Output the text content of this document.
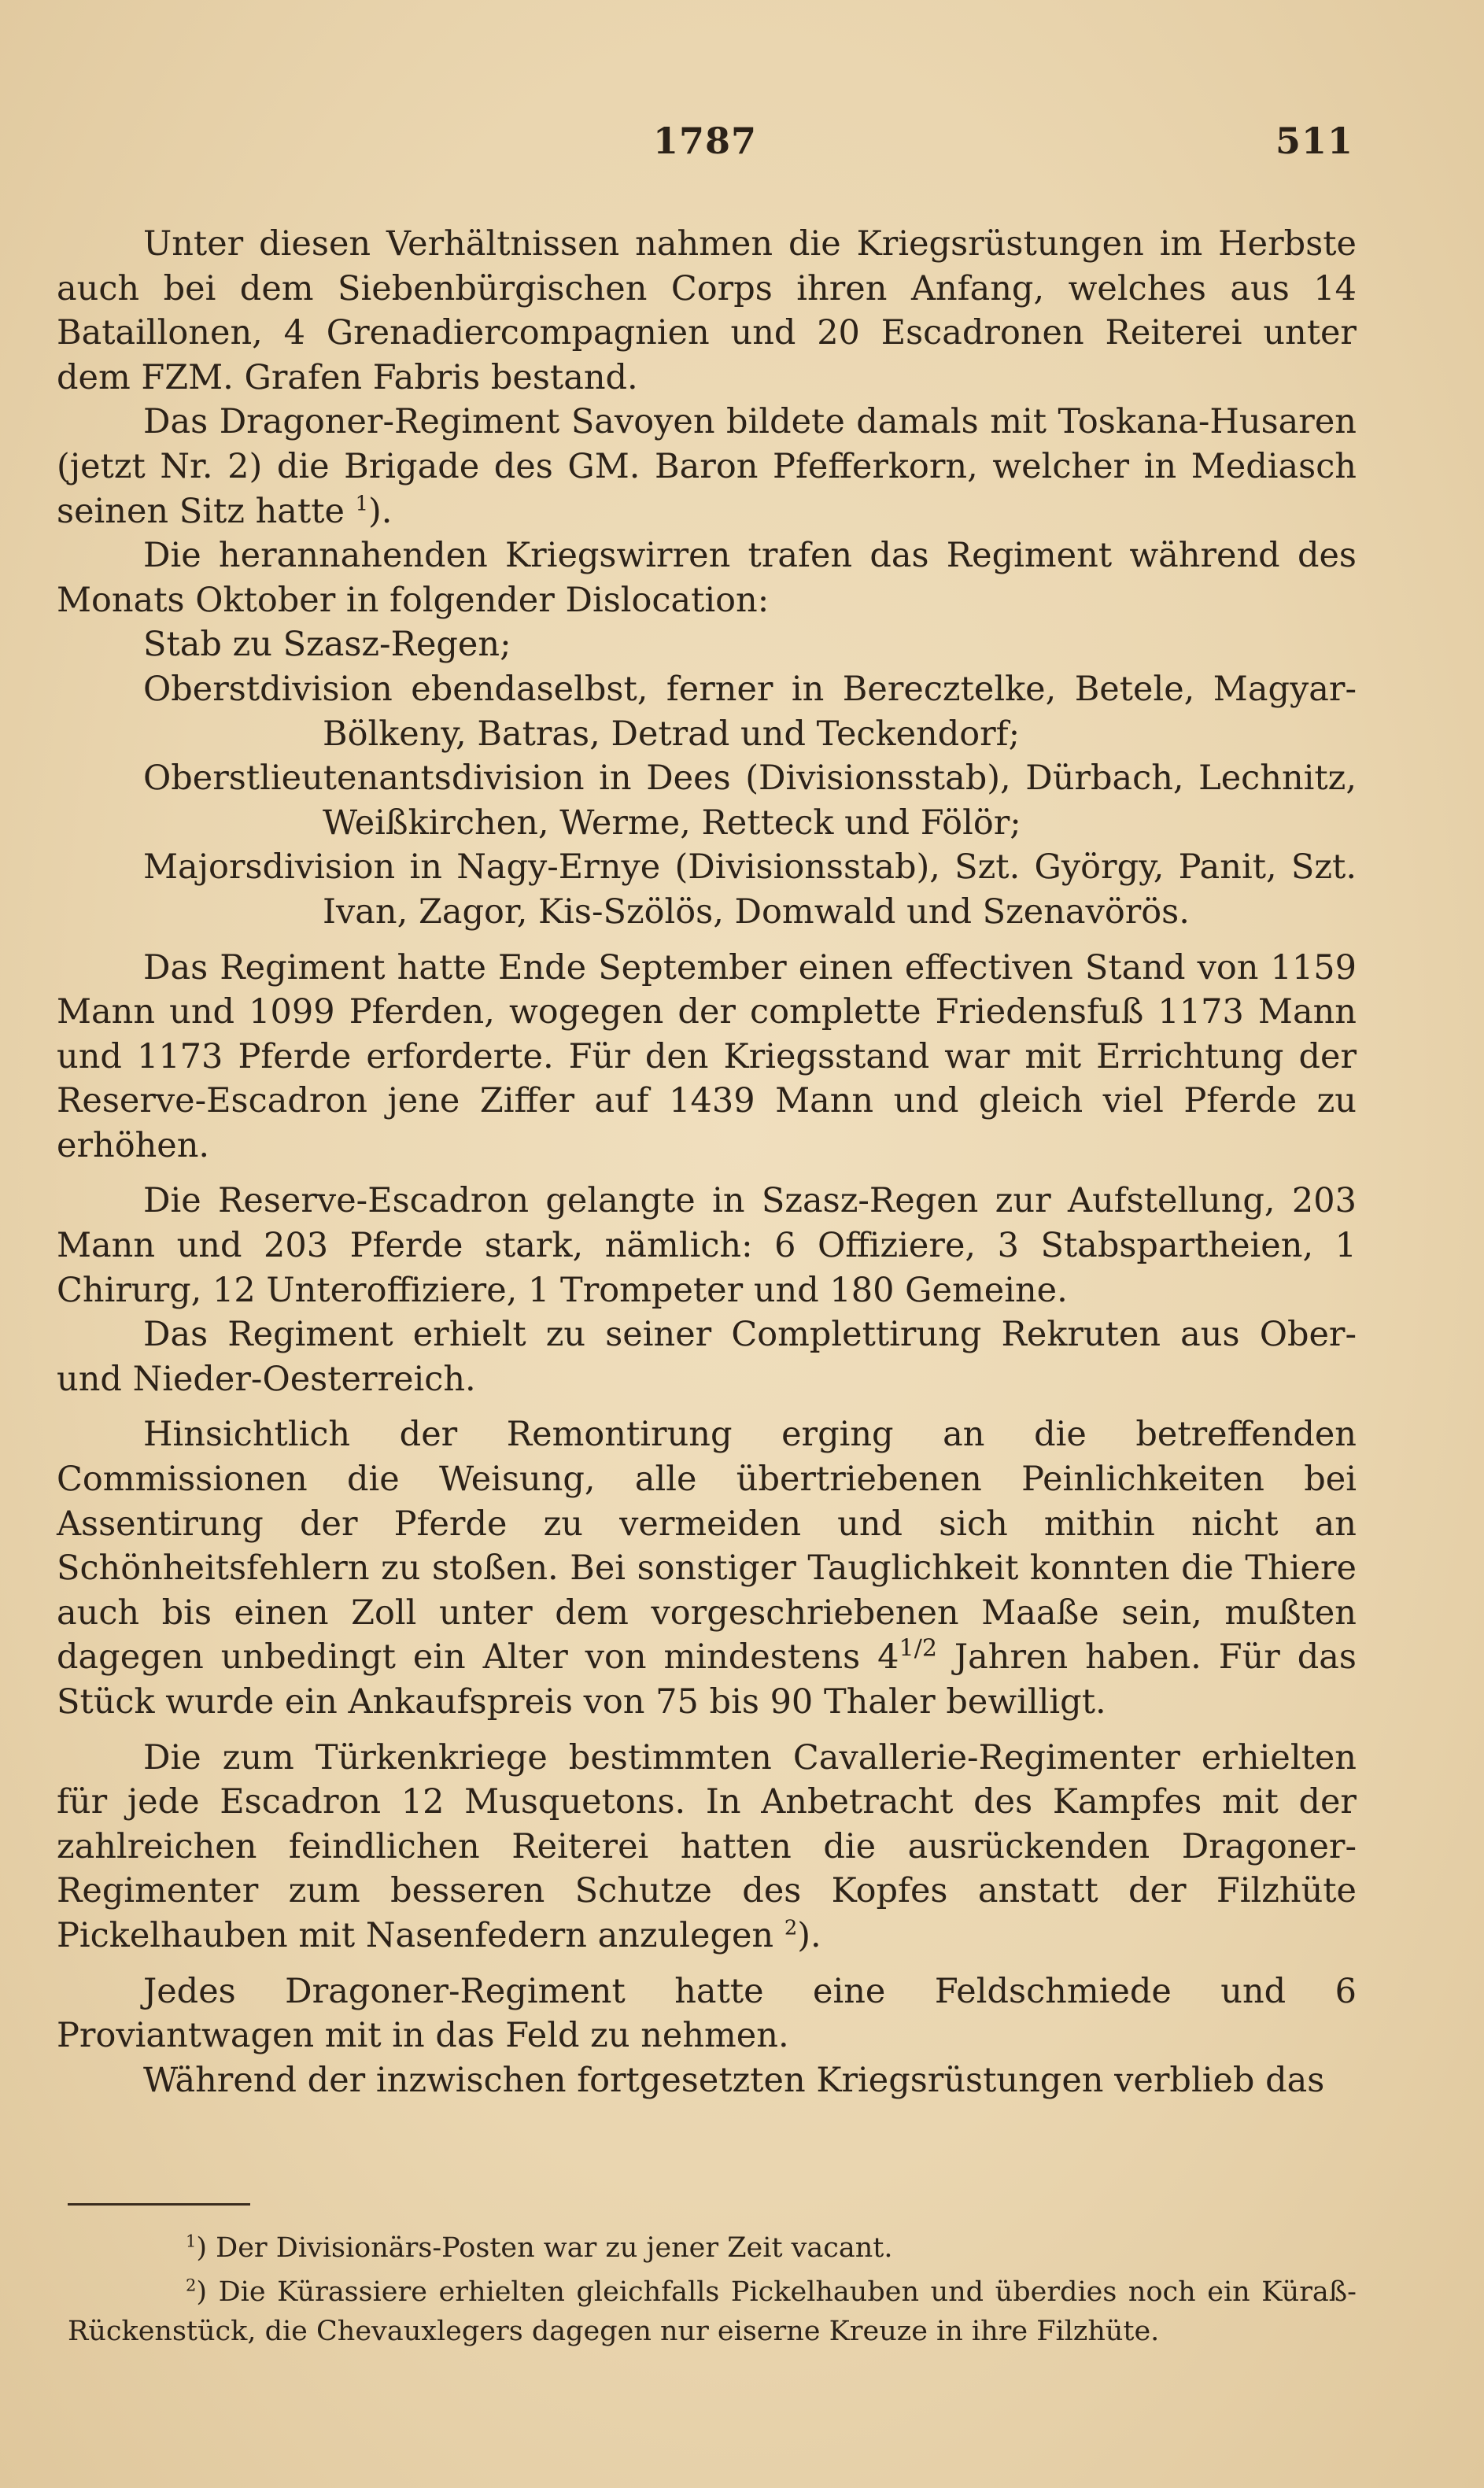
1787	511

Unter diesen Verhältnissen nahmen die Kriegsrüstungen im Herbste auch bei dem Siebenbürgischen Corps ihren Anfang, welches aus 14 Bataillonen, 4 Grenadiercompagnien und 20 Escadronen Reiterei unter dem FZM. Grafen Fabris bestand.

Das Dragoner-Regiment Savoyen bildete damals mit Toskana-Husaren (jetzt Nr. 2) die Brigade des GM. Baron Pfefferkorn, welcher in Mediasch seinen Sitz hatte $^1$).

Die herannahenden Kriegswirren trafen das Regiment während des Monats Oktober in folgender Dislocation:

Stab zu Szasz-Regen;
Oberstdivision ebendaselbst, ferner in Berecztelke, Betele, Magyar-Bölkeny, Batras, Detrad und Teckendorf;
Oberstlieutenantsdivision in Dees (Divisionsstab), Dürbach, Lechnitz, Weißkirchen, Werme, Retteck und Fölör;
Majorsdivision in Nagy-Ernye (Divisionsstab), Szt. György, Panit, Szt. Ivan, Zagor, Kis-Szölös, Domwald und Szenavörös.

Das Regiment hatte Ende September einen effectiven Stand von 1159 Mann und 1099 Pferden, wogegen der complette Friedensfuß 1173 Mann und 1173 Pferde erforderte. Für den Kriegsstand war mit Errichtung der Reserve-Escadron jene Ziffer auf 1439 Mann und gleich viel Pferde zu erhöhen.

Die Reserve-Escadron gelangte in Szasz-Regen zur Aufstellung, 203 Mann und 203 Pferde stark, nämlich: 6 Offiziere, 3 Stabspartheien, 1 Chirurg, 12 Unteroffiziere, 1 Trompeter und 180 Gemeine.

Das Regiment erhielt zu seiner Complettirung Rekruten aus Ober- und Nieder-Oesterreich.

Hinsichtlich der Remontirung erging an die betreffenden Commissionen die Weisung, alle übertriebenen Peinlichkeiten bei Assentirung der Pferde zu vermeiden und sich mithin nicht an Schönheitsfehlern zu stoßen. Bei sonstiger Tauglichkeit konnten die Thiere auch bis einen Zoll unter dem vorgeschriebenen Maaße sein, mußten dagegen unbedingt ein Alter von mindestens $4^{1/2}$ Jahren haben. Für das Stück wurde ein Ankaufspreis von 75 bis 90 Thaler bewilligt.

Die zum Türkenkriege bestimmten Cavallerie-Regimenter erhielten für jede Escadron 12 Musquetons. In Anbetracht des Kampfes mit der zahlreichen feindlichen Reiterei hatten die ausrückenden Dragoner-Regimenter zum besseren Schutze des Kopfes anstatt der Filzhüte Pickelhauben mit Nasenfedern anzulegen $^2$).

Jedes Dragoner-Regiment hatte eine Feldschmiede und 6 Proviantwagen mit in das Feld zu nehmen.

Während der inzwischen fortgesetzten Kriegsrüstungen verblieb das

$^1$) Der Divisionärs-Posten war zu jener Zeit vacant.

$^2$) Die Kürassiere erhielten gleichfalls Pickelhauben und überdies noch ein Küraß-Rückenstück, die Chevauxlegers dagegen nur eiserne Kreuze in ihre Filzhüte.
